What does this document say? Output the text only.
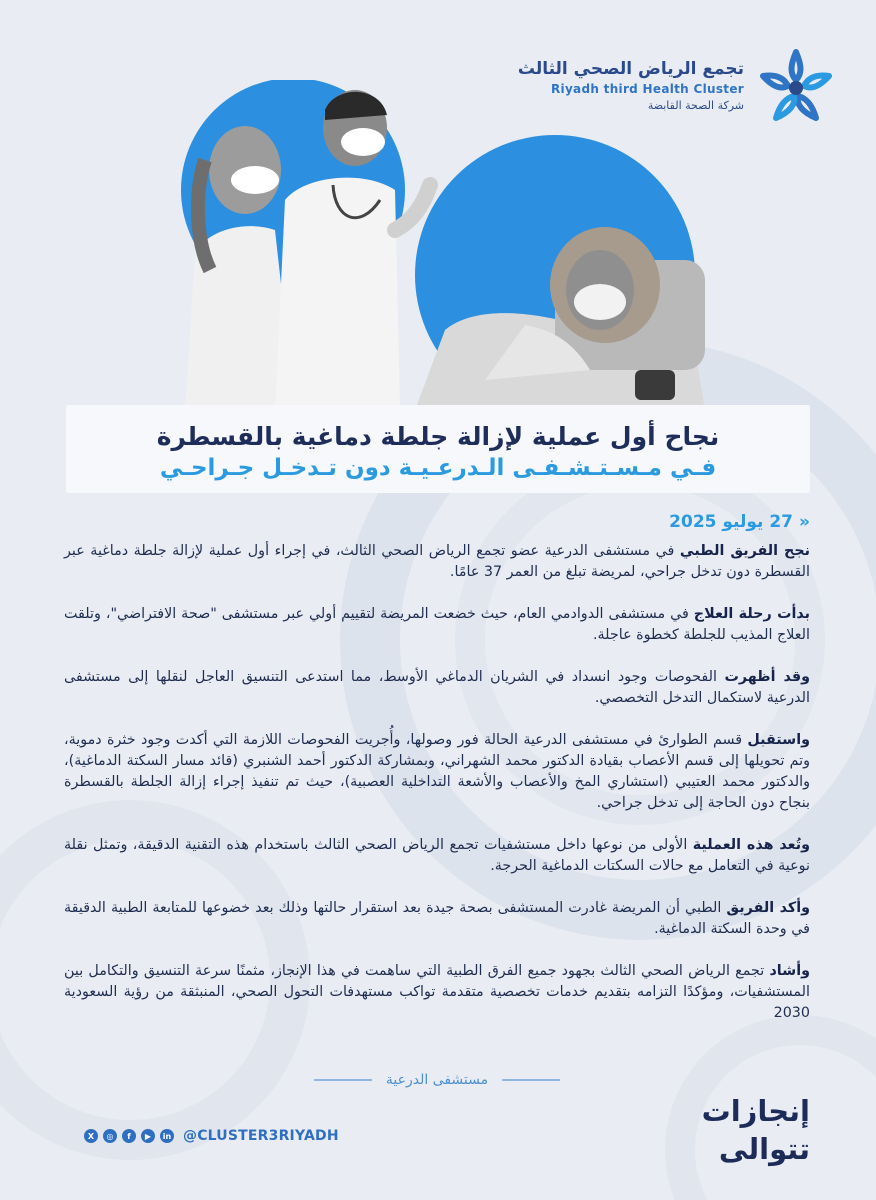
تجمع الرياض الصحي الثالث
Riyadh third Health Cluster
شركة الصحة القابضة
نجاح أول عملية لإزالة جلطة دماغية بالقسطرة
فـي مـسـتـشـفـى الـدرعـيـة دون تـدخـل جـراحـي
«27 يوليو 2025

نجح الفريق الطبي في مستشفى الدرعية عضو تجمع الرياض الصحي الثالث، في إجراء أول عملية لإزالة جلطة دماغية عبر القسطرة دون تدخل جراحي، لمريضة تبلغ من العمر 37 عامًا.

بدأت رحلة العلاج في مستشفى الدوادمي العام، حيث خضعت المريضة لتقييم أولي عبر مستشفى "صحة الافتراضي"، وتلقت العلاج المذيب للجلطة كخطوة عاجلة.

وقد أظهرت الفحوصات وجود انسداد في الشريان الدماغي الأوسط، مما استدعى التنسيق العاجل لنقلها إلى مستشفى الدرعية لاستكمال التدخل التخصصي.

واستقبل قسم الطوارئ في مستشفى الدرعية الحالة فور وصولها، وأُجريت الفحوصات اللازمة التي أكدت وجود خثرة دموية، وتم تحويلها إلى قسم الأعصاب بقيادة الدكتور محمد الشهراني، وبمشاركة الدكتور أحمد الشنبري (قائد مسار السكتة الدماغية)، والدكتور محمد العتيبي (استشاري المخ والأعصاب والأشعة التداخلية العصبية)، حيث تم تنفيذ إجراء إزالة الجلطة بالقسطرة بنجاح دون الحاجة إلى تدخل جراحي.

وتُعد هذه العملية الأولى من نوعها داخل مستشفيات تجمع الرياض الصحي الثالث باستخدام هذه التقنية الدقيقة، وتمثل نقلة نوعية في التعامل مع حالات السكتات الدماغية الحرجة.

وأكد الفريق الطبي أن المريضة غادرت المستشفى بصحة جيدة بعد استقرار حالتها وذلك بعد خضوعها للمتابعة الطبية الدقيقة في وحدة السكتة الدماغية.

وأشاد تجمع الرياض الصحي الثالث بجهود جميع الفرق الطبية التي ساهمت في هذا الإنجاز، مثمنًا سرعة التنسيق والتكامل بين المستشفيات، ومؤكدًا التزامه بتقديم خدمات تخصصية متقدمة تواكب مستهدفات التحول الصحي، المنبثقة من رؤية السعودية 2030

مستشفى الدرعية
إنجازات
تتوالى
X	◎	f	▶	in @CLUSTER3RIYADH
